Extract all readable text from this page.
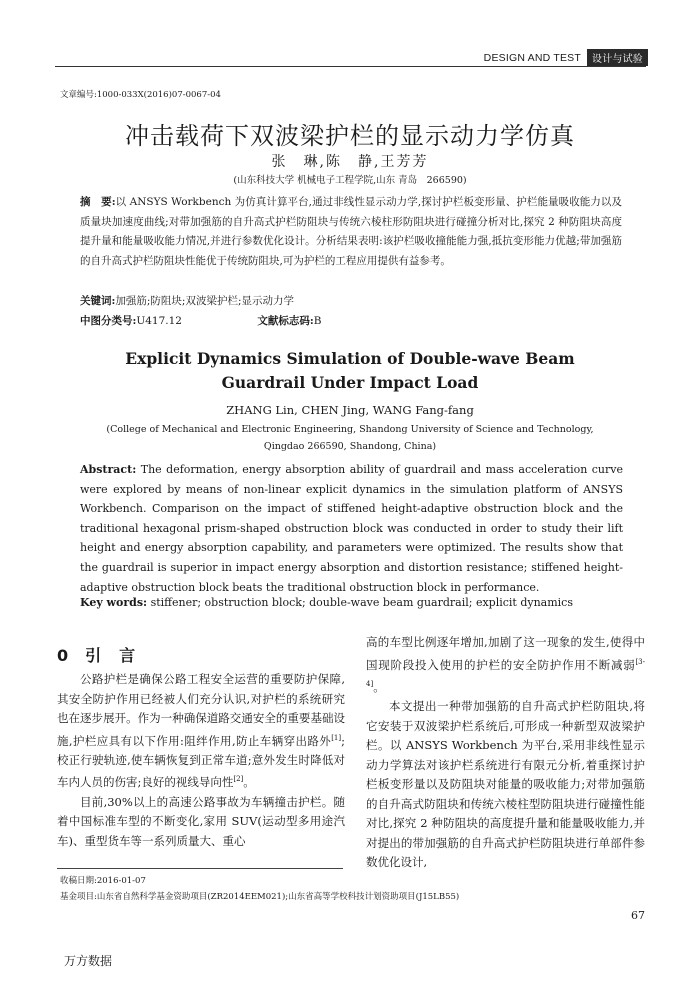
DESIGN AND TEST	设计与试验
文章编号:1000-033X(2016)07-0067-04
冲击载荷下双波梁护栏的显示动力学仿真
张　琳,陈　静,王芳芳
(山东科技大学 机械电子工程学院,山东 青岛　266590)
摘　要:以 ANSYS Workbench 为仿真计算平台,通过非线性显示动力学,探讨护栏板变形量、护栏能量吸收能力以及质量块加速度曲线;对带加强筋的自升高式护栏防阻块与传统六棱柱形防阻块进行碰撞分析对比,探究 2 种防阻块高度提升量和能量吸收能力情况,并进行参数优化设计。分析结果表明:该护栏吸收撞能能力强,抵抗变形能力优越;带加强筋的自升高式护栏防阻块性能优于传统防阻块,可为护栏的工程应用提供有益参考。
关键词:加强筋;防阻块;双波梁护栏;显示动力学
中图分类号:U417.12	文献标志码:B
Explicit Dynamics Simulation of Double-wave Beam
Guardrail Under Impact Load
ZHANG Lin, CHEN Jing, WANG Fang-fang
(College of Mechanical and Electronic Engineering, Shandong University of Science and Technology,
Qingdao 266590, Shandong, China)
Abstract: The deformation, energy absorption ability of guardrail and mass acceleration curve were explored by means of non-linear explicit dynamics in the simulation platform of ANSYS Workbench. Comparison on the impact of stiffened height-adaptive obstruction block and the traditional hexagonal prism-shaped obstruction block was conducted in order to study their lift height and energy absorption capability, and parameters were optimized. The results show that the guardrail is superior in impact energy absorption and distortion resistance; stiffened height-adaptive obstruction block beats the traditional obstruction block in performance.
Key words: stiffener; obstruction block; double-wave beam guardrail; explicit dynamics
0 引　言

公路护栏是确保公路工程安全运营的重要防护保障,其安全防护作用已经被人们充分认识,对护栏的系统研究也在逐步展开。作为一种确保道路交通安全的重要基础设施,护栏应具有以下作用:阻绊作用,防止车辆穿出路外[1];校正行驶轨迹,使车辆恢复到正常车道;意外发生时降低对车内人员的伤害;良好的视线导向性[2]。

目前,30%以上的高速公路事故为车辆撞击护栏。随着中国标准车型的不断变化,家用 SUV(运动型多用途汽车)、重型货车等一系列质量大、重心

高的车型比例逐年增加,加剧了这一现象的发生,使得中国现阶段投入使用的护栏的安全防护作用不断减弱[3-4]。

本文提出一种带加强筋的自升高式护栏防阻块,将它安装于双波梁护栏系统后,可形成一种新型双波梁护栏。以 ANSYS Workbench 为平台,采用非线性显示动力学算法对该护栏系统进行有限元分析,着重探讨护栏板变形量以及防阻块对能量的吸收能力;对带加强筋的自升高式防阻块和传统六棱柱型防阻块进行碰撞性能对比,探究 2 种防阻块的高度提升量和能量吸收能力,并对提出的带加强筋的自升高式护栏防阻块进行单部件参数优化设计,

收稿日期:2016-01-07
基金项目:山东省自然科学基金资助项目(ZR2014EEM021);山东省高等学校科技计划资助项目(J15LB55)
67
万方数据
